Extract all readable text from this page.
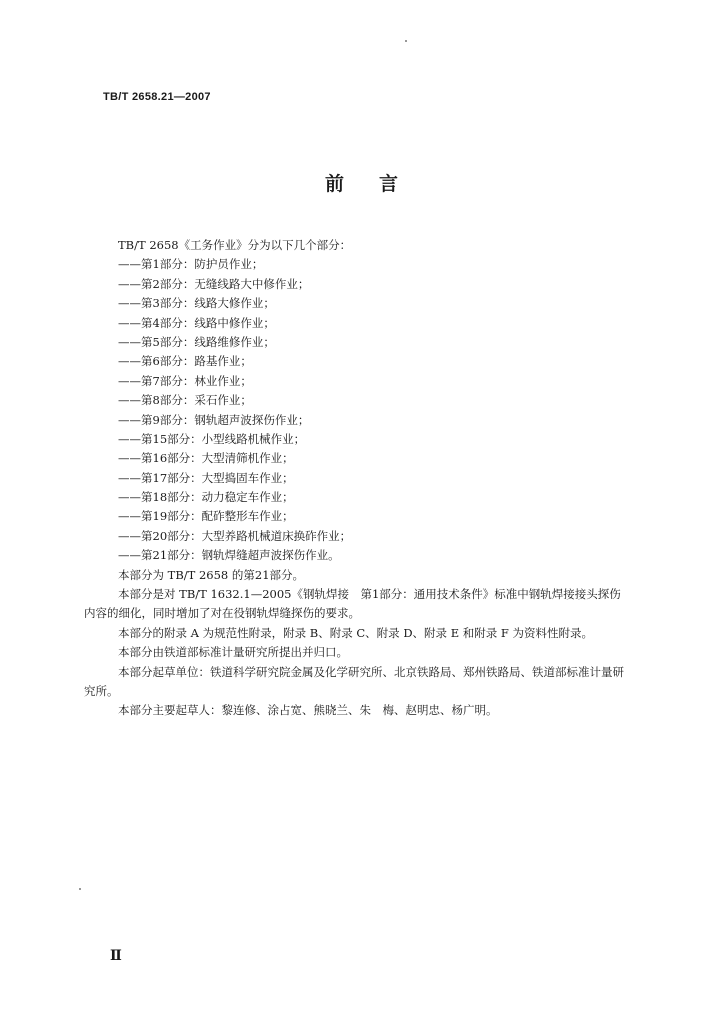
TB/T 2658.21—2007
前 言
TB/T 2658《工务作业》分为以下几个部分：
——第1部分：防护员作业；
——第2部分：无缝线路大中修作业；
——第3部分：线路大修作业；
——第4部分：线路中修作业；
——第5部分：线路维修作业；
——第6部分：路基作业；
——第7部分：林业作业；
——第8部分：采石作业；
——第9部分：钢轨超声波探伤作业；
——第15部分：小型线路机械作业；
——第16部分：大型清筛机作业；
——第17部分：大型捣固车作业；
——第18部分：动力稳定车作业；
——第19部分：配砟整形车作业；
——第20部分：大型养路机械道床换砟作业；
——第21部分：钢轨焊缝超声波探伤作业。
本部分为 TB/T 2658 的第21部分。
本部分是对 TB/T 1632.1—2005《钢轨焊接　第1部分：通用技术条件》标准中钢轨焊接接头探伤
内容的细化，同时增加了对在役钢轨焊缝探伤的要求。
本部分的附录 A 为规范性附录，附录 B、附录 C、附录 D、附录 E 和附录 F 为资料性附录。
本部分由铁道部标准计量研究所提出并归口。
本部分起草单位：铁道科学研究院金属及化学研究所、北京铁路局、郑州铁路局、铁道部标准计量研
究所。
本部分主要起草人：黎连修、涂占宽、熊晓兰、朱　梅、赵明忠、杨广明。
Ⅱ
